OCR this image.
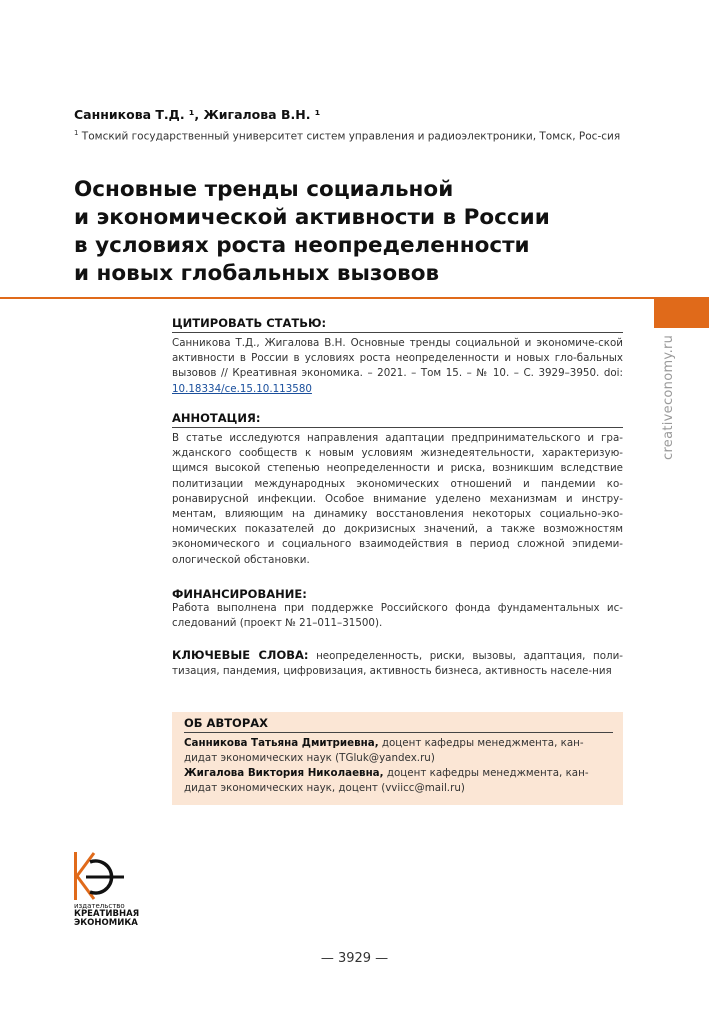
Санникова Т.Д. ¹, Жигалова В.Н. ¹
$^1$ Томский государственный университет систем управления и радиоэлектроники, Томск, Рос-сия
Основные тренды социальной
и экономической активности в России
в условиях роста неопределенности
и новых глобальных вызовов
creativeconomy.ru
ЦИТИРОВАТЬ СТАТЬЮ:
Санникова Т.Д., Жигалова В.Н. Основные тренды социальной и экономиче-ской активности в России в условиях роста неопределенности и новых гло-бальных вызовов // Креативная экономика. – 2021. – Том 15. – № 10. – С. 3929–3950. doi: 10.18334/ce.15.10.113580
АННОТАЦИЯ:
В статье исследуются направления адаптации предпринимательского и гра-жданского сообществ к новым условиям жизнедеятельности, характеризую-щимся высокой степенью неопределенности и риска, возникшим вследствие политизации международных экономических отношений и пандемии ко-ронавирусной инфекции. Особое внимание уделено механизмам и инстру-ментам, влияющим на динамику восстановления некоторых социально-эко-номических показателей до докризисных значений, а также возможностям экономического и социального взаимодействия в период сложной эпидеми-ологической обстановки.
ФИНАНСИРОВАНИЕ:
Работа выполнена при поддержке Российского фонда фундаментальных ис-следований (проект № 21–011–31500).
КЛЮЧЕВЫЕ СЛОВА: неопределенность, риски, вызовы, адаптация, поли-тизация, пандемия, цифровизация, активность бизнеса, активность населе-ния
ОБ АВТОРАХ
Санникова Татьяна Дмитриевна, доцент кафедры менеджмента, кан-дидат экономических наук (TGluk@yandex.ru)
Жигалова Виктория Николаевна, доцент кафедры менеджмента, кан-дидат экономических наук, доцент (vviicc@mail.ru)
издательство
КРЕАТИВНАЯ
ЭКОНОМИКА
— 3929 —
